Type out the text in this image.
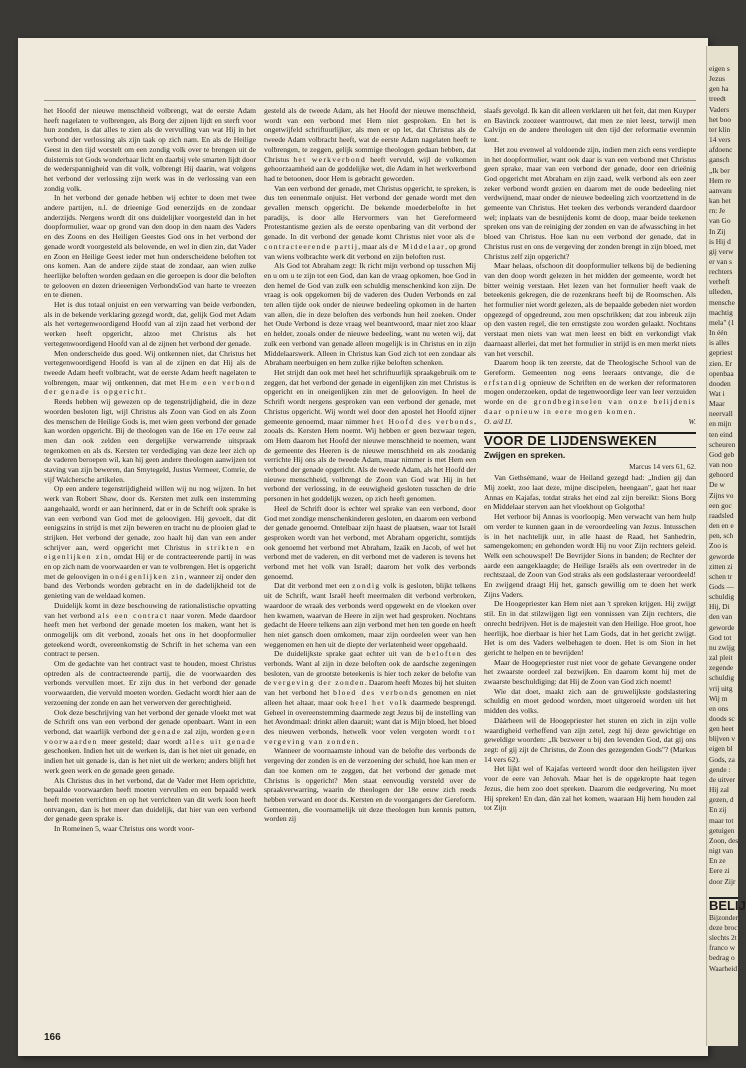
het Hoofd der nieuwe menschheid volbrengt, wat de eerste Adam heeft nagelaten te volbrengen, als Borg der zijnen lijdt en sterft voor hun zonden, is dat alles te zien als de vervulling van wat Hij in het verbond der verlossing als zijn taak op zich nam. En als de Heilige Geest in den tijd worstelt om een zondig volk over te brengen uit de duisternis tot Gods wonderbaar licht en daarbij vele smarten lijdt door de wederspannigheid van dit volk, volbrengt Hij daarin, wat volgens het verbond der verlossing zijn werk was in de verlossing van een zondig volk.

In het verbond der genade hebben wij echter te doen met twee andere partijen, n.l. de drieenige God eenerzijds en de zondaar anderzijds. Nergens wordt dit ons duidelijker voorgesteld dan in het doopformulier, waar op grond van den doop in den naam des Vaders en des Zoons en des Heiligen Geestes God ons in het verbond der genade wordt voorgesteld als belovende, en wel in dien zin, dat Vader en Zoon en Heilige Geest ieder met hun onderscheidene beloften tot ons komen. Aan de andere zijde staat de zondaar, aan wien zulke heerlijke beloften worden gedaan en die geroepen is door die beloften te gelooven en dezen drieeenigen VerbondsGod van harte te vreezen en te dienen.

Het is dus totaal onjuist en een verwarring van beide verbonden, als in de bekende verklaring gezegd wordt, dat, gelijk God met Adam als het vertegenwoordigend Hoofd van al zijn zaad het verbond der werken heeft opgericht, alzoo met Christus als het vertegenwoordigend Hoofd van al de zijnen het verbond der genade.

Men onderscheide dus goed. Wij ontkennen niet, dat Christus het vertegenwoordigend Hoofd is van al de zijnen en dat Hij als de tweede Adam heeft volbracht, wat de eerste Adam heeft nagelaten te volbrengen, maar wij ontkennen, dat met Hem een verbond der genade is opgericht.

Reeds hebben wij gewezen op de tegenstrijdigheid, die in deze woorden besloten ligt, wijl Christus als Zoon van God en als Zoon des menschen de Heilige Gods is, met wien geen verbond der genade kan worden opgericht. Bij de theologen van de 16e en 17e eeuw zal men dan ook zelden een dergelijke verwarrende uitspraak tegenkomen en als ds. Kersten ter verdediging van deze leer zich op de vaderen beroepen wil, kan hij geen andere theologen aanwijzen tot staving van zijn beweren, dan Smytegeld, Justus Vermeer, Comrie, de vijf Walchersche artikelen.

Op een andere tegenstrijdigheid willen wij nu nog wijzen. In het werk van Robert Shaw, door ds. Kersten met zulk een instemming aangehaald, wordt er aan herinnerd, dat er in de Schrift ook sprake is van een verbond van God met de geloovigen. Hij gevoelt, dat dit eenigszins in strijd is met zijn beweren en tracht nu de plooien glad te strijken. Het verbond der genade, zoo haalt hij dan van een ander schrijver aan, werd opgericht met Christus in strikten en eigenlijken zin, omdat Hij er de contracteerende partij in was en op zich nam de voorwaarden er van te volbrengen. Het is opgericht met de geloovigen in onéigenlijken zin, wanneer zij onder den band des Verbonds worden gebracht en in de dadelijkheid tot de genieting van de weldaad komen.

Duidelijk komt in deze beschouwing de rationalistische opvatting van het verbond als een contract naar voren. Mede daardoor heeft men het verbond der genade moeten los maken, want het is onmogelijk om dit verbond, zooals het ons in het doopformulier geteekend wordt, overeenkomstig de Schrift in het schema van een contract te persen.

Om de gedachte van het contract vast te houden, moest Christus optreden als de contracteerende partij, die de voorwaarden des verbonds vervullen moet. Er zijn dus in het verbond der genade voorwaarden, die vervuld moeten worden. Gedacht wordt hier aan de verzoening der zonde en aan het verwerven der gerechtigheid.

Ook deze beschrijving van het verbond der genade vloekt met wat de Schrift ons van een verbond der genade openbaart. Want in een verbond, dat waarlijk verbond der genade zal zijn, worden geen voorwaarden meer gesteld; daar wordt alles uit genade geschonken. Indien het uit de werken is, dan is het niet uit genade, en indien het uit genade is, dan is het niet uit de werken; anders blijft het werk geen werk en de genade geen genade.

Als Christus dus in het verbond, dat de Vader met Hem oprichtte, bepaalde voorwaarden heeft moeten vervullen en een bepaald werk heeft moeten verrichten en op het verrichten van dit werk loon heeft ontvangen, dan is het meer dan duidelijk, dat hier van een verbond der genade geen sprake is.

In Romeinen 5, waar Christus ons wordt voor-

gesteld als de tweede Adam, als het Hoofd der nieuwe menschheid, wordt van een verbond met Hem niet gesproken. En het is ongetwijfeld schriftuurlijker, als men er op let, dat Christus als de tweede Adam volbracht heeft, wat de eerste Adam nagelaten heeft te volbrengen, te zeggen, gelijk sommige theologen gedaan hebben, dat Christus het werkverbond heeft vervuld, wijl de volkomen gehoorzaamheid aan de goddelijke wet, die Adam in het werkverbond had te betoonen, door Hem is gebracht geworden.

Van een verbond der genade, met Christus opgericht, te spreken, is dus ten eenenmale onjuist. Het verbond der genade wordt met den gevallen mensch opgericht. De bekende moederbelofte in het paradijs, is door alle Hervormers van het Gereformeerd Protestantisme gezien als de eerste openbaring van dit verbond der genade. In dit verbond der genade komt Christus niet voor als de contracteerende partij, maar als de Middelaar, op grond van wiens volbrachte werk dit verbond en zijn beloften rust.

Als God tot Abraham zegt: Ik richt mijn verbond op tusschen Mij en u om u te zijn tot een God, dan kan de vraag opkomen, hoe God in den hemel de God van zulk een schuldig menschenkind kon zijn. De vraag is ook opgekomen bij de vaderen des Ouden Verbonds en zal ten allen tijde ook onder de nieuwe bedeeling opkomen in de harten van allen, die in deze beloften des verbonds hun heil zoeken. Onder het Oude Verbond is deze vraag wel beantwoord, maar niet zoo klaar en helder, zooals onder de nieuwe bedeeling, want nu weten wij, dat zulk een verbond van genade alleen mogelijk is in Christus en in zijn Middelaarswerk. Alleen in Christus kan God zich tot een zondaar als Abraham neerbuigen en hem zulke rijke beloften schenken.

Het strijdt dan ook met heel het schriftuurlijk spraakgebruik om te zeggen, dat het verbond der genade in eigenlijken zin met Christus is opgericht en in oneigenlijken zin met de geloovigen. In heel de Schrift wordt nergens gesproken van een verbond der genade, met Christus opgericht. Wij wordt wel door den apostel het Hoofd zijner gemeente genoemd, maar nimmer het Hoofd des verbonds, zooals ds. Kersten Hem noemt. Wij hebben er geen bezwaar tegen, om Hem daarom het Hoofd der nieuwe menschheid te noemen, want de gemeente des Heeren is de nieuwe menschheid en als zoodanig verrichte Hij ons als de tweede Adam, maar nimmer is met Hem een verbond der genade opgericht. Als de tweede Adam, als het Hoofd der nieuwe menschheid, volbrengt de Zoon van God wat Hij in het verbond der verlossing, in de eeuwigheid gesloten tusschen de drie personen in het goddelijk wezen, op zich heeft genomen.

Heel de Schrift door is echter wel sprake van een verbond, door God met zondige menschenkinderen gesloten, en daarom een verbond der genade genoemd. Ontelbaar zijn haast de plaatsen, waar tot Israël gesproken wordt van het verbond, met Abraham opgericht, somtijds ook genoemd het verbond met Abraham, Izaäk en Jacob, of wel het verbond met de vaderen, en dit verbond met de vaderen is tevens het verbond met het volk van Israël; daarom het volk des verbonds genoemd.

Dat dit verbond met een zondig volk is gesloten, blijkt telkens uit de Schrift, want Israël heeft meermalen dit verbond verbroken, waardoor de wraak des verbonds werd opgewekt en de vloeken over hen kwamen, waarvan de Heere in zijn wet had gesproken. Nochtans gedacht de Heere telkens aan zijn verbond met hen ten goede en heeft hen niet gansch doen omkomen, maar zijn oordeelen weer van hen weggenomen en hen uit de diepte der verlatenheid weer opgehaald.

De duidelijkste sprake gaat echter uit van de beloften des verbonds. Want al zijn in deze beloften ook de aardsche zegeningen besloten, van de grootste beteekenis is hier toch zeker de belofte van de vergeving der zonden. Daarom heeft Mozes bij het sluiten van het verbond het bloed des verbonds genomen en niet alleen het altaar, maar ook heel het volk daarmede besprengd. Geheel in overeenstemming daarmede zegt Jezus bij de instelling van het Avondmaal: drinkt allen daaruit; want dat is Mijn bloed, het bloed des nieuwen verbonds, hetwelk voor velen vergoten wordt tot vergeving van zonden.

Wanneer de voornaamste inhoud van de belofte des verbonds de vergeving der zonden is en de verzoening der schuld, hoe kan men er dan toe komen om te zeggen, dat het verbond der genade met Christus is opgericht? Men staat eenvoudig versteld over de spraakverwarring, waarin de theologen der 18e eeuw zich reeds hebben verward en door ds. Kersten en de voorgangers der Gereform. Gemeenten, die voornamelijk uit deze theologen hun kennis putten, worden zij

slaafs gevolgd. Ik kan dit alleen verklaren uit het feit, dat men Kuyper en Bavinck zoozeer wantrouwt, dat men ze niet leest, terwijl men Calvijn en de andere theologen uit den tijd der reformatie evenmin kent.

Het zou evenwel al voldoende zijn, indien men zich eens verdiepte in het doopformulier, want ook daar is van een verbond met Christus geen sprake, maar van een verbond der genade, door een drieënig God opgericht met Abraham en zijn zaad, welk verbond als een zeer zeker verbond wordt gezien en daarom met de oude bedeeling niet verdwijnend, maar onder de nieuwe bedeeling zich voortzettend in de gemeente van Christus. Het teeken des verbonds veranderd daardoor wel; inplaats van de besnijdenis komt de doop, maar beide teekenen spreken ons van de reiniging der zonden en van de afwassching in het bloed van Christus. Hoe kan nu een verbond der genade, dat in Christus rust en ons de vergeving der zonden brengt in zijn bloed, met Christus zelf zijn opgericht?

Maar helaas, ofschoon dit doopformulier telkens bij de bediening van den doop wordt gelezen in het midden der gemeente, wordt het bitter weinig verstaan. Het lezen van het formulier heeft vaak de beteekenis gekregen, die de rozenkrans heeft bij de Roomschen. Als het formulier niet wordt gelezen, als de bepaalde gebeden niet worden opgezegd of opgedreund, zou men opschrikken; dat zou inbreuk zijn op den vasten regel, die ten ernstigste zou worden gelaakt. Nochtans verstaat men niets van wat men leest en bidt en verkondigt vlak daarnaast allerlei, dat met het formulier in strijd is en men merkt niets van het verschil.

Daarom hoop ik ten zeerste, dat de Theologische School van de Gereform. Gemeenten nog eens leeraars ontvange, die de erfstandig opnieuw de Schriften en de werken der reformatoren mogen onderzoeken, opdat de tegenwoordige leer van leer verzuiden worde en de grondbeginselen van onze belijdenis daar opnieuw in eere mogen komen.

O. a/d IJ.	W.
VOOR DE LIJDENSWEKEN
Zwijgen en spreken.
Marcus 14 vers 61, 62.

Van Gethsémané, waar de Heiland gezegd had: „Indien gij dan Mij zoekt, zoo laat deze, mijne discipelen, heengaan", gaat het naar Annas en Kajafas, totdat straks het eind zal zijn bereikt: Sions Borg en Middelaar sterven aan het vloekhout op Golgotha!

Het verhoor bij Annas is voorloopig. Men verwacht van hem hulp om verder te kunnen gaan in de veroordeeling van Jezus. Intusschen is in het nachtelijk uur, in alle haast de Raad, het Sanhedrin, samengekomen; en gehonden wordt Hij nu voor Zijn rechters geleid. Welk een schouwspel! De Bevrijder Sions in banden; de Rechter der aarde een aangeklaagde; de Heilige Israëls als een overtreder in de rechtszaal, de Zoon van God straks als een godslasteraar veroordeeld! En zwijgend draagt Hij het, gansch gewillig om te doen het werk Zijns Vaders.

De Hoogepriester kan Hem niet aan 't spreken krijgen. Hij zwijgt stil. En in dat stilzwijgen ligt een vonnissen van Zijn rechters, die onrecht bedrijven. Het is de majesteit van den Heilige. Hoe groot, hoe heerlijk, hoe dierbaar is hier het Lam Gods, dat in het gericht zwijgt. Het is om des Vaders welbehagen te doen. Het is om Sion in het gericht te helpen en te bevrijden!

Maar de Hoogepriester rust niet voor de gehate Gevangene onder het zwaarste oordeel zal bezwijken. En daarom komt hij met de zwaarste beschuldiging: dat Hij de Zoon van God zich noemt!

Wie dat doet, maakt zich aan de gruwelijkste godslastering schuldig en moet gedood worden, moet uitgeroeid worden uit het midden des volks.

Dáárheen wil de Hoogepriester het sturen en zich in zijn volle waardigheid verheffend van zijn zetel, zegt hij deze gewichtige en geweldige woorden: „Ik bezweer u bij den levenden God, dat gij ons zegt: of gij zijt de Christus, de Zoon des gezegenden Gods"? (Markus 14 vers 62).

Het lijkt wel of Kajafas verteerd wordt door den heiligsten ijver voor de eere van Jehovah. Maar het is de opgekropte haat tegen Jezus, die hem zoo doet spreken. Daarom die eedgevering. Nu moet Hij spreken! En dan, dán zal het komen, waaraan Hij hem houden zal tot Zijn

166
eigen s
Jezus
gen ha
treedt
Vaders
het boo
ter klin
14 vers
afdoenc
gansch
„Ik ber
Hem re
aanvanı
kan het
rn: Je
van Go
In Zij
is Hij d
gij verw
er van s
rechters
verheft
ulleden,
mensche
machtig
mela" (1
In één
is alles
gepriest
zien. Er
openbaa
dooden
Wat i
Maar
neervall
en mijn
ten eind
scheuren
God geb
van noo
gehoord
De w
Zijns vo
een goc
raadsled
den en e
pen, sch
Zoo is
geworde
zitten zi
schen tr
Gods —
schuldig
Hij, Di
den van
geworde
God tot
nu zwijg
zal pleit
zegende
schuldig
vrij uitg
Wij m
en ons
doods sc
gen heet
blijven v
eigen bl
Gods, za
gende :
de uitver
Hij zal
gezen, d
En zij
maar tot
getuigen
Zoon, des
nigt van
En ze
Eere zi
door Zijr
BELIJ
Bijzonder
deze broc
slechts 2t
franco w
bedrag o
Waarheid
